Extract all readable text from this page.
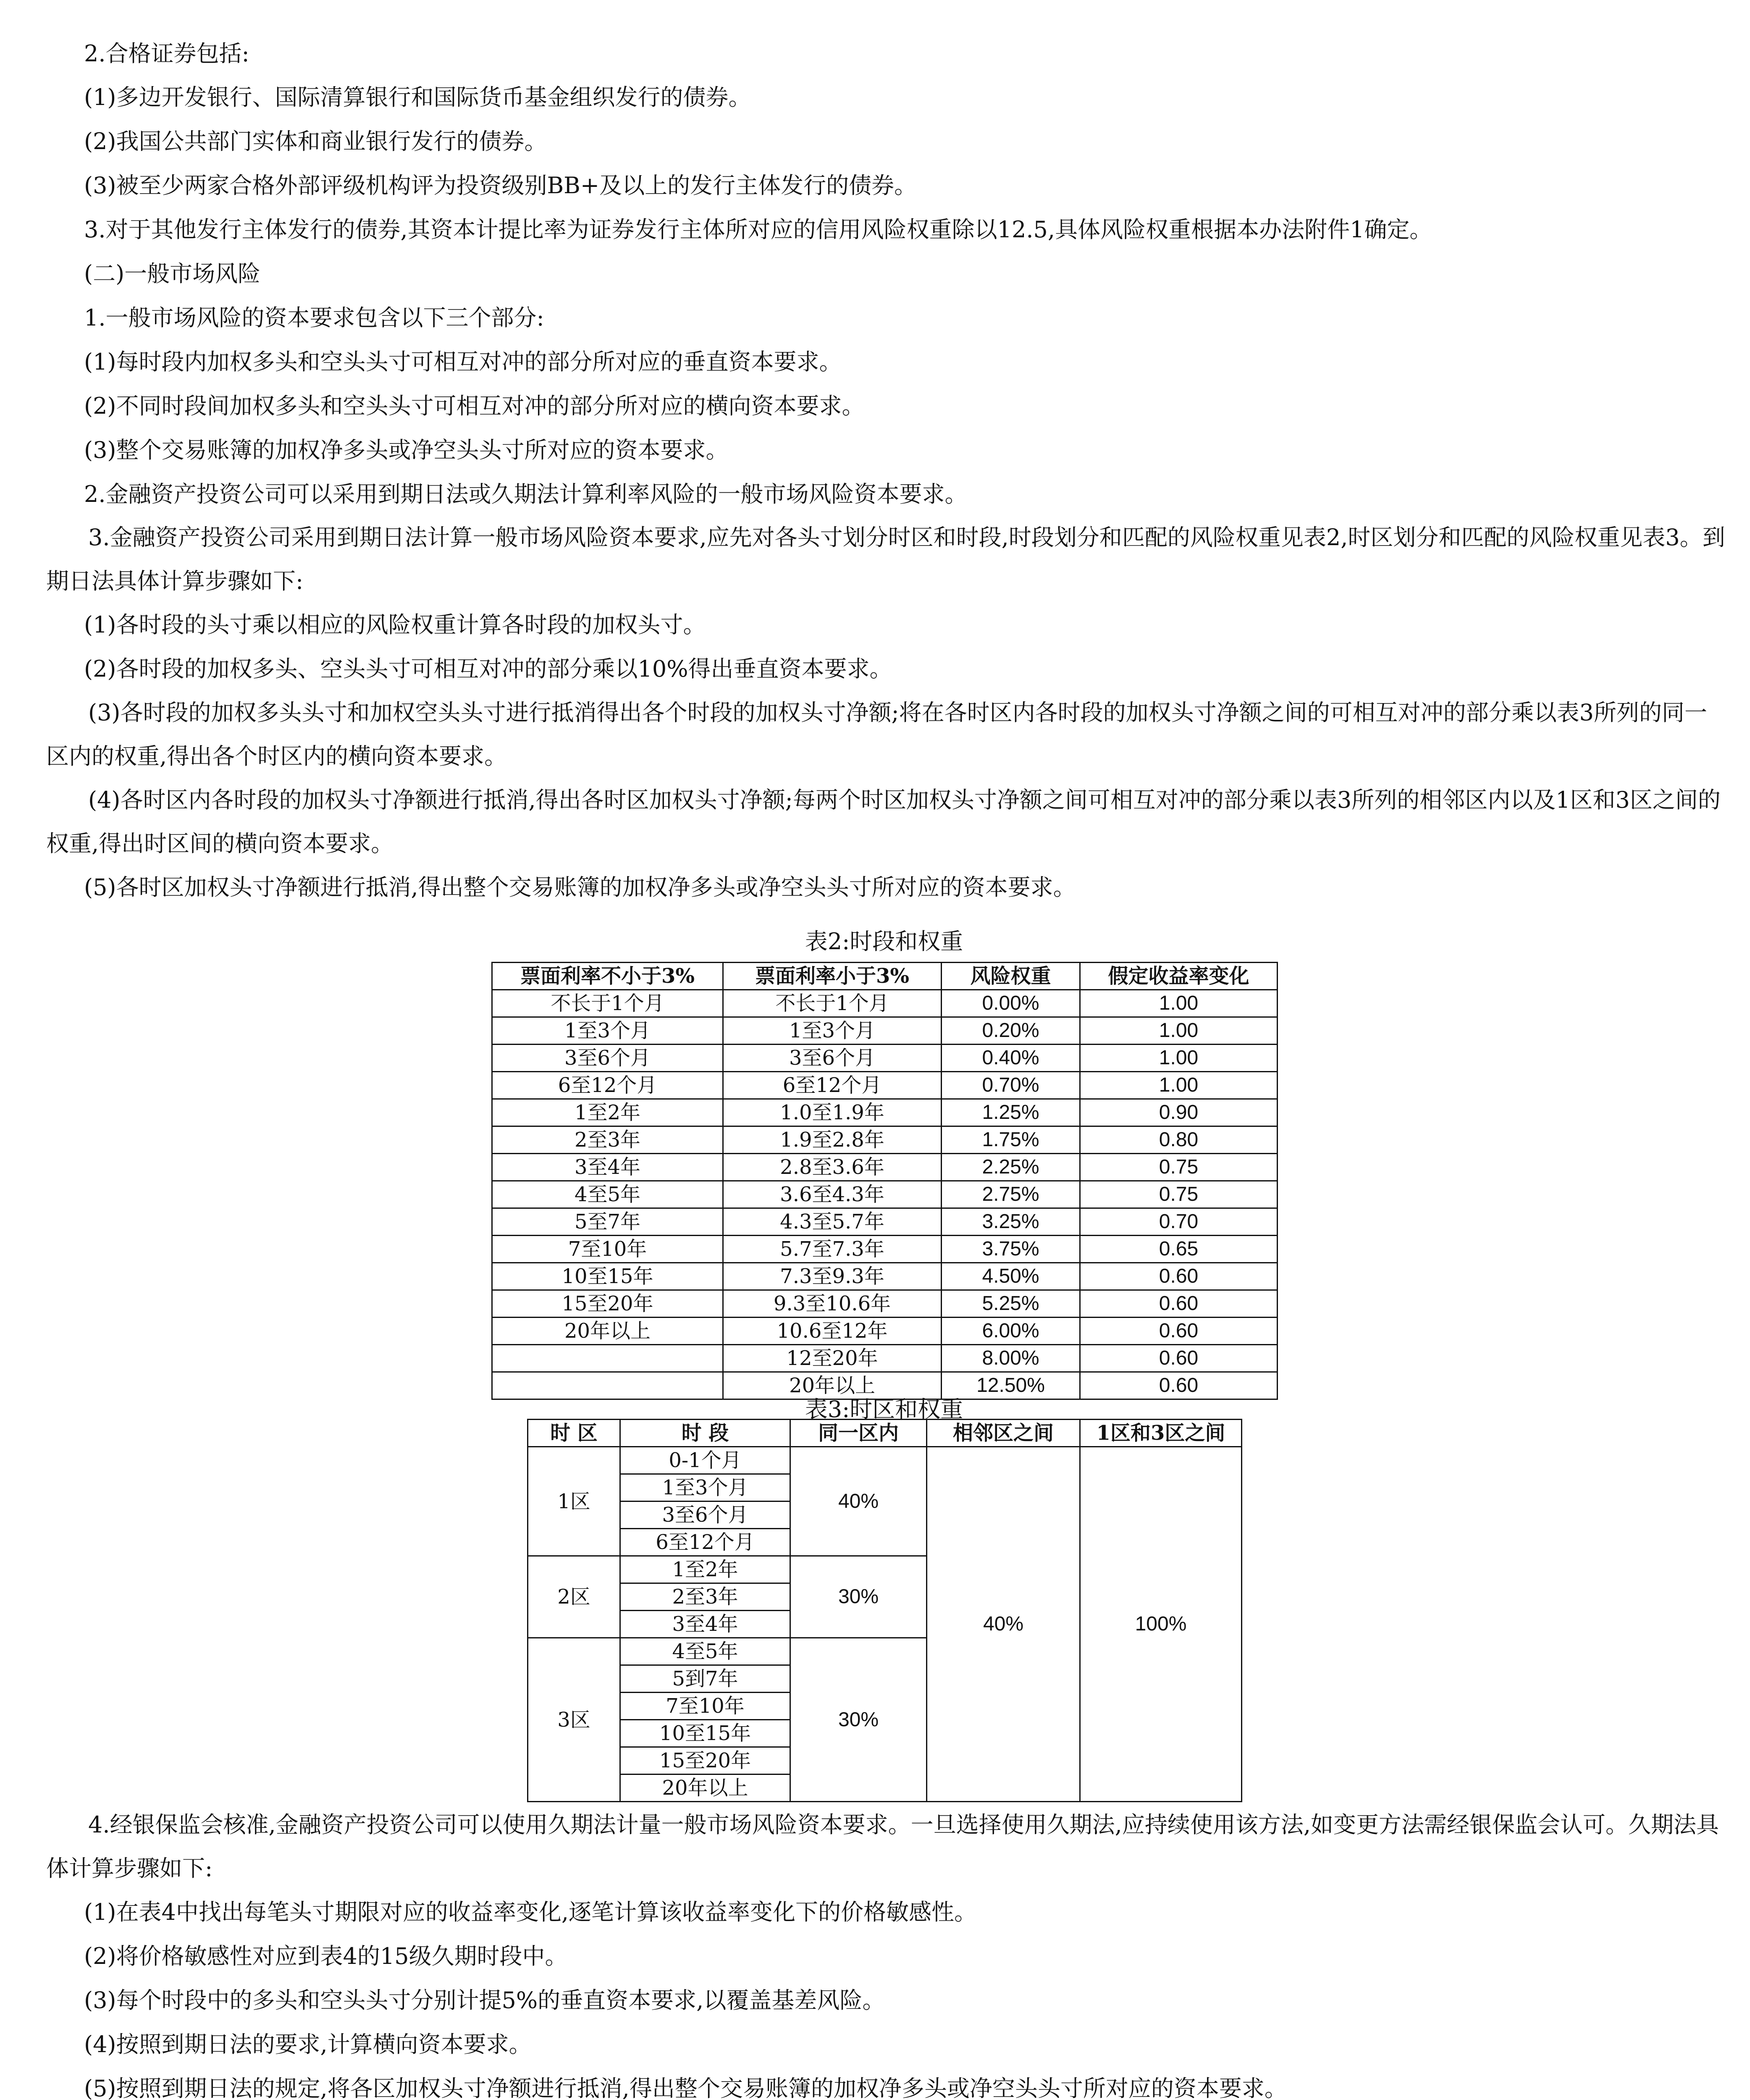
2.合格证券包括:

(1)多边开发银行、国际清算银行和国际货币基金组织发行的债券。

(2)我国公共部门实体和商业银行发行的债券。

(3)被至少两家合格外部评级机构评为投资级别BB+及以上的发行主体发行的债券。

3.对于其他发行主体发行的债券,其资本计提比率为证券发行主体所对应的信用风险权重除以12.5,具体风险权重根据本办法附件1确定。

(二)一般市场风险

1.一般市场风险的资本要求包含以下三个部分:

(1)每时段内加权多头和空头头寸可相互对冲的部分所对应的垂直资本要求。

(2)不同时段间加权多头和空头头寸可相互对冲的部分所对应的横向资本要求。

(3)整个交易账簿的加权净多头或净空头头寸所对应的资本要求。

2.金融资产投资公司可以采用到期日法或久期法计算利率风险的一般市场风险资本要求。

3.金融资产投资公司采用到期日法计算一般市场风险资本要求,应先对各头寸划分时区和时段,时段划分和匹配的风险权重见表2,时区划分和匹配的风险权重见表3。到期日法具体计算步骤如下:

(1)各时段的头寸乘以相应的风险权重计算各时段的加权头寸。

(2)各时段的加权多头、空头头寸可相互对冲的部分乘以10%得出垂直资本要求。

(3)各时段的加权多头头寸和加权空头头寸进行抵消得出各个时段的加权头寸净额;将在各时区内各时段的加权头寸净额之间的可相互对冲的部分乘以表3所列的同一区内的权重,得出各个时区内的横向资本要求。

(4)各时区内各时段的加权头寸净额进行抵消,得出各时区加权头寸净额;每两个时区加权头寸净额之间可相互对冲的部分乘以表3所列的相邻区内以及1区和3区之间的权重,得出时区间的横向资本要求。

(5)各时区加权头寸净额进行抵消,得出整个交易账簿的加权净多头或净空头头寸所对应的资本要求。

表2:时段和权重
票面利率不小于3%	票面利率小于3%	风险权重	假定收益率变化
不长于1个月	不长于1个月	0.00%	1.00
1至3个月	1至3个月	0.20%	1.00
3至6个月	3至6个月	0.40%	1.00
6至12个月	6至12个月	0.70%	1.00
1至2年	1.0至1.9年	1.25%	0.90
2至3年	1.9至2.8年	1.75%	0.80
3至4年	2.8至3.6年	2.25%	0.75
4至5年	3.6至4.3年	2.75%	0.75
5至7年	4.3至5.7年	3.25%	0.70
7至10年	5.7至7.3年	3.75%	0.65
10至15年	7.3至9.3年	4.50%	0.60
15至20年	9.3至10.6年	5.25%	0.60
20年以上	10.6至12年	6.00%	0.60
	12至20年	8.00%	0.60
	20年以上	12.50%	0.60
表3:时区和权重
时 区	时 段	同一区内	相邻区之间	1区和3区之间
1区	0-1个月	40%	40%	100%
	1至3个月			
	3至6个月			
	6至12个月			
2区	1至2年	30%		
	2至3年			
	3至4年			
3区	4至5年	30%		
	5到7年			
	7至10年			
	10至15年			
	15至20年			
	20年以上			

4.经银保监会核准,金融资产投资公司可以使用久期法计量一般市场风险资本要求。一旦选择使用久期法,应持续使用该方法,如变更方法需经银保监会认可。久期法具体计算步骤如下:

(1)在表4中找出每笔头寸期限对应的收益率变化,逐笔计算该收益率变化下的价格敏感性。

(2)将价格敏感性对应到表4的15级久期时段中。

(3)每个时段中的多头和空头头寸分别计提5%的垂直资本要求,以覆盖基差风险。

(4)按照到期日法的要求,计算横向资本要求。

(5)按照到期日法的规定,将各区加权头寸净额进行抵消,得出整个交易账簿的加权净多头或净空头头寸所对应的资本要求。
